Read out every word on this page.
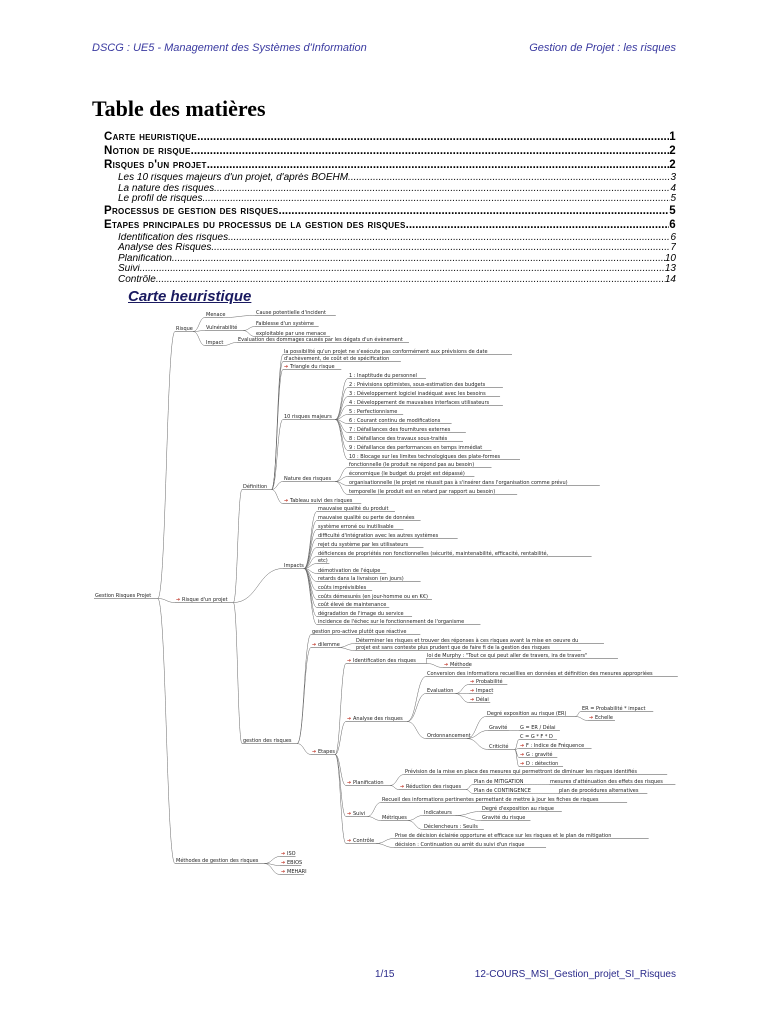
DSCG : UE5 - Management des Systèmes d'Information	Gestion de Projet : les risques
Table des matières
Carte heuristique .....	1
Notion de risque .....	2
Risques d'un projet .....	2
Les 10 risques majeurs d'un projet, d'après BOEHM .....	3
La nature des risques .....	4
Le profil de risques .....	5
Processus de gestion des risques .....	5
Etapes principales du processus de la gestion des risques .....	6
Identification des risques .....	6
Analyse des Risques .....	7
Planification .....	10
Suivi .....	13
Contrôle .....	14
Carte heuristique
Gestion Risques Projet
Risque
Menace	Cause potentielle d'incident
Vulnérabilité
Faiblesse d'un système
exploitable par une menace
Impact	Evaluation des dommages causés par les dégats d'un évènement
➔ Risque d'un projet
Définition
la possibilité qu'un projet ne s'exécute pas conformément aux prévisions de date
d'achèvement, de coût et de spécification
➔ Triangle du risque
10 risques majeurs
1 : Inaptitude du personnel
2 : Prévisions optimistes, sous-estimation des budgets
3 : Développement logiciel inadéquat avec les besoins
4 : Développement de mauvaises interfaces utilisateurs
5 : Perfectionnisme
6 : Courant continu de modifications
7 : Défaillances des fournitures externes
8 : Défaillance des travaux sous-traités
9 : Défaillance des performances en temps immédiat
10 : Blocage sur les limites technologiques des plate-formes
Nature des risques
fonctionnelle (le produit ne répond pas au besoin)
économique (le budget du projet est dépassé)
organisationnelle (le projet ne réussit pas à s'insérer dans l'organisation comme prévu)
temporelle (le produit est en retard par rapport au besoin)
➔ Tableau suivi des risques
Impacts
mauvaise qualité du produit
mauvaise qualité ou perte de données
système erroné ou inutilisable
difficulté d'intégration avec les autres systèmes
rejet du système par les utilisateurs
déficiences de propriétés non fonctionnelles (sécurité, maintenabilité, efficacité, rentabilité,
etc)
démotivation de l'équipe
retards dans la livraison (en jours)
coûts imprévisibles
coûts démesurés (en jour-homme ou en K€)
coût élevé de maintenance
dégradation de l'image du service
incidence de l'échec sur le fonctionnement de l'organisme
gestion des risques
gestion pro-active plutôt que réactive
➔ dilemme
Déterminer les risques et trouver des réponses à ces risques avant la mise en oeuvre du
projet est sans conteste plus prudent que de faire fi de la gestion des risques
➔ Etapes
➔ Identification des risques
loi de Murphy : "Tout ce qui peut aller de travers, ira de travers"
➔ Méthode
➔ Analyse des risques
Conversion des informations recueillies en données et définition des mesures appropriées
Evaluation
➔ Probabilité
➔ Impact
➔ Délai
Ordonnancement
Degré exposition au risque (ER)
ER = Probabilité * impact
➔ Echelle
Gravité	G = ER / Délai
Criticité
C = G * F * D
➔ F : Indice de Fréquence
➔ G : gravité
➔ D : détection
➔ Planification
Prévision de la mise en place des mesures qui permettront de diminuer les risques identifiés
➔ Réduction des risques
Plan de MITIGATION	mesures d'atténuation des effets des risques
Plan de CONTINGENCE	plan de procédures alternatives
➔ Suivi
Recueil des informations pertinentes permettant de mettre à jour les fiches de risques
Métriques
Indicateurs
Degré d'exposition au risque
Gravité du risque
Déclencheurs : Seuils
➔ Contrôle
Prise de décision éclairée opportune et efficace sur les risques et le plan de mitigation
décision : Continuation ou arrêt du suivi d'un risque
Méthodes de gestion des risques
➔ ISO
➔ EBIOS
➔ MEHARI
1/15	12-COURS_MSI_Gestion_projet_SI_Risques
